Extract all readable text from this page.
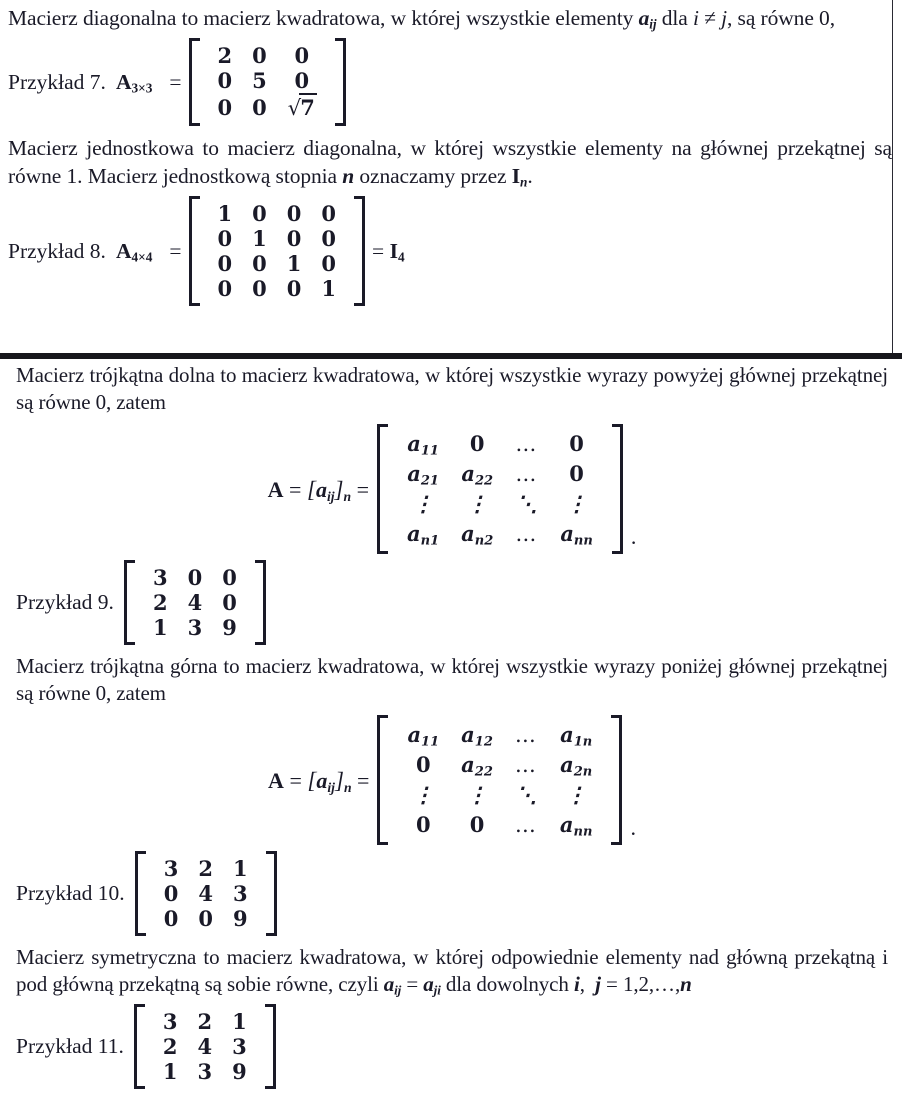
Macierz diagonalna to macierz kwadratowa, w której wszystkie elementy $a_{ij}$ dla i ≠ j, są równe 0,

Przykład 7. $A_{3\times 3}$ =
2 0	0
0 5	0
0 0	√7

Macierz jednostkowa to macierz diagonalna, w której wszystkie elementy na głównej przekątnej są równe 1. Macierz jednostkową stopnia n oznaczamy przez $I_n$.

Przykład 8. $A_{4\times 4}$ =
1 0 0 0
0 1 0 0
0 0 1 0
0 0 0 1
= $I_4$

Macierz trójkątna dolna to macierz kwadratowa, w której wszystkie wyrazy powyżej głównej przekątnej są równe 0, zatem

$A = [a_{ij}]_n$ =
$a_{11}$	0	…	0
$a_{21}$	$a_{22}$	…	0
⋮	⋮	⋱	⋮
$a_{n1}$	$a_{n2}$	…	$a_{nn}$	.
Przykład 9.
3 0 0
2 4 0
1 3 9

Macierz trójkątna górna to macierz kwadratowa, w której wszystkie wyrazy poniżej głównej przekątnej są równe 0, zatem

$A = [a_{ij}]_n$ =
$a_{11}$	$a_{12}$	…	$a_{1n}$
0	$a_{22}$	…	$a_{2n}$
⋮	⋮	⋱	⋮
0	0	…	$a_{nn}$	.
Przykład 10.
3 2 1
0 4 3
0 0 9

Macierz symetryczna to macierz kwadratowa, w której odpowiednie elementy nad główną przekątną i pod główną przekątną są sobie równe, czyli $a_{ij} = a_{ji}$ dla dowolnych i,  j = 1,2,…,n

Przykład 11.
3 2 1
2 4 3
1 3 9
